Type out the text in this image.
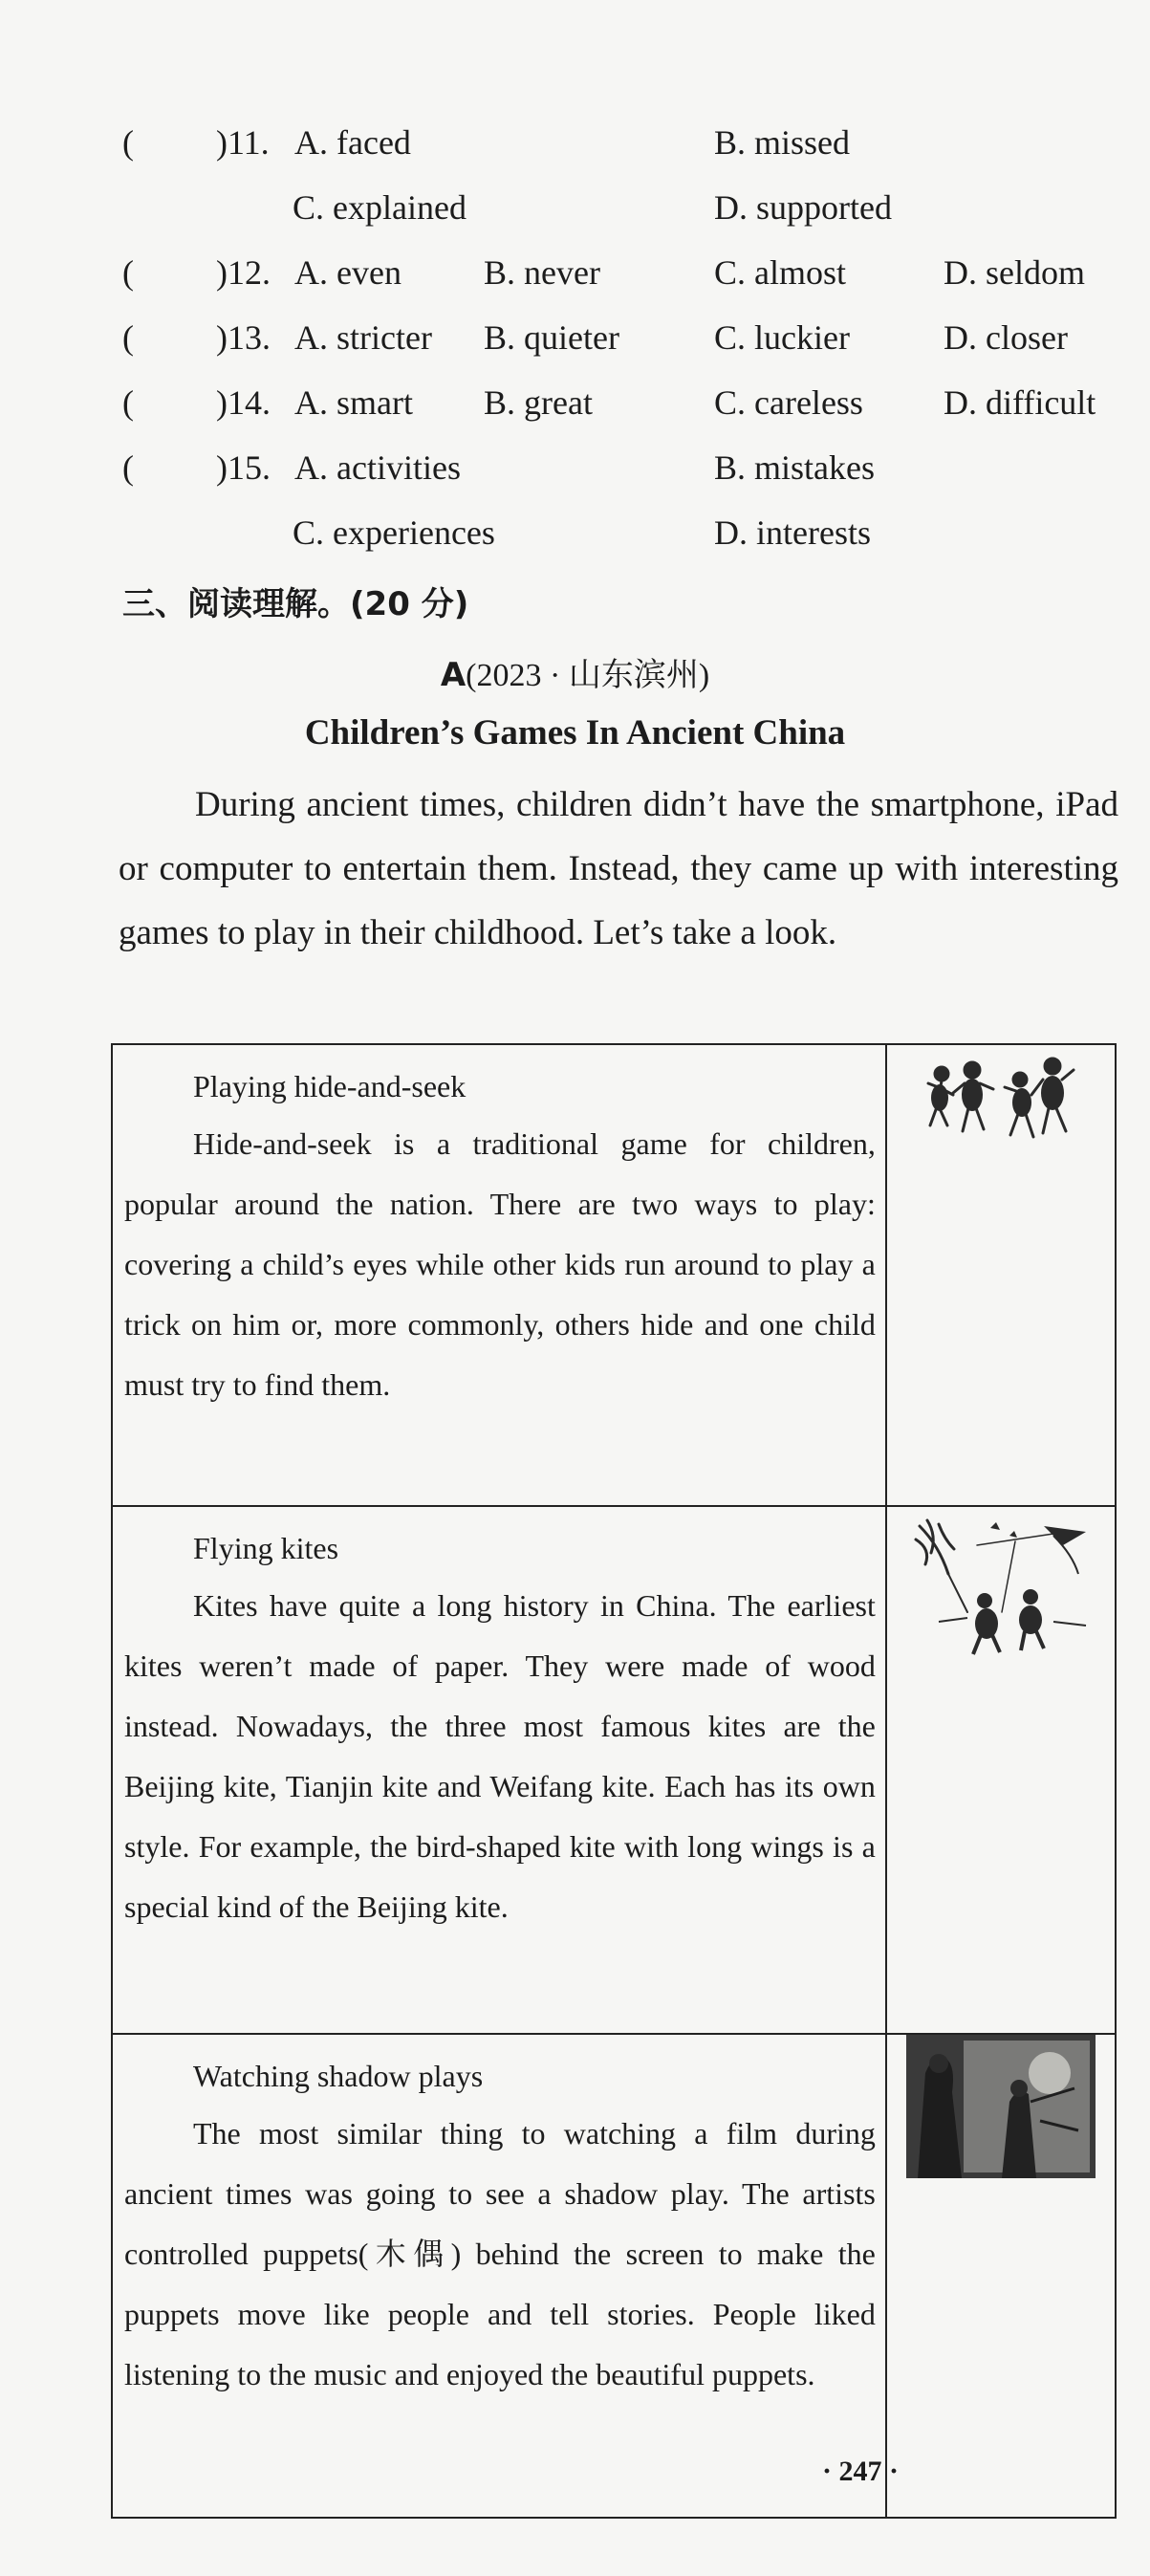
( )11. A. faced	B. missed
C. explained	D. supported
( )12. A. even B. never	C. almost	D. seldom
( )13. A. stricter B. quieter	C. luckier	D. closer
( )14. A. smart B. great	C. careless D. difficult
( )15. A. activities	B. mistakes
C. experiences	D. interests
三、阅读理解。(20 分)
A(2023 · 山东滨州)
Children’s Games In Ancient China
During ancient times, children didn’t have the smartphone, iPad or computer to entertain them. Instead, they came up with interesting games to play in their childhood. Let’s take a look.
Playing hide-and-seek
Hide-and-seek is a traditional game for children, popular around the nation. There are two ways to play: covering a child’s eyes while other kids run around to play a trick on him or, more commonly, others hide and one child must try to find them.

Flying kites
Kites have quite a long history in China. The earliest kites weren’t made of paper. They were made of wood instead. Nowadays, the three most famous kites are the Beijing kite, Tianjin kite and Weifang kite. Each has its own style. For example, the bird-shaped kite with long wings is a special kind of the Beijing kite.

Watching shadow plays
The most similar thing to watching a film during ancient times was going to see a shadow play. The artists controlled puppets(木偶) behind the screen to make the puppets move like people and tell stories. People liked listening to the music and enjoyed the beautiful puppets.

· 247 ·
